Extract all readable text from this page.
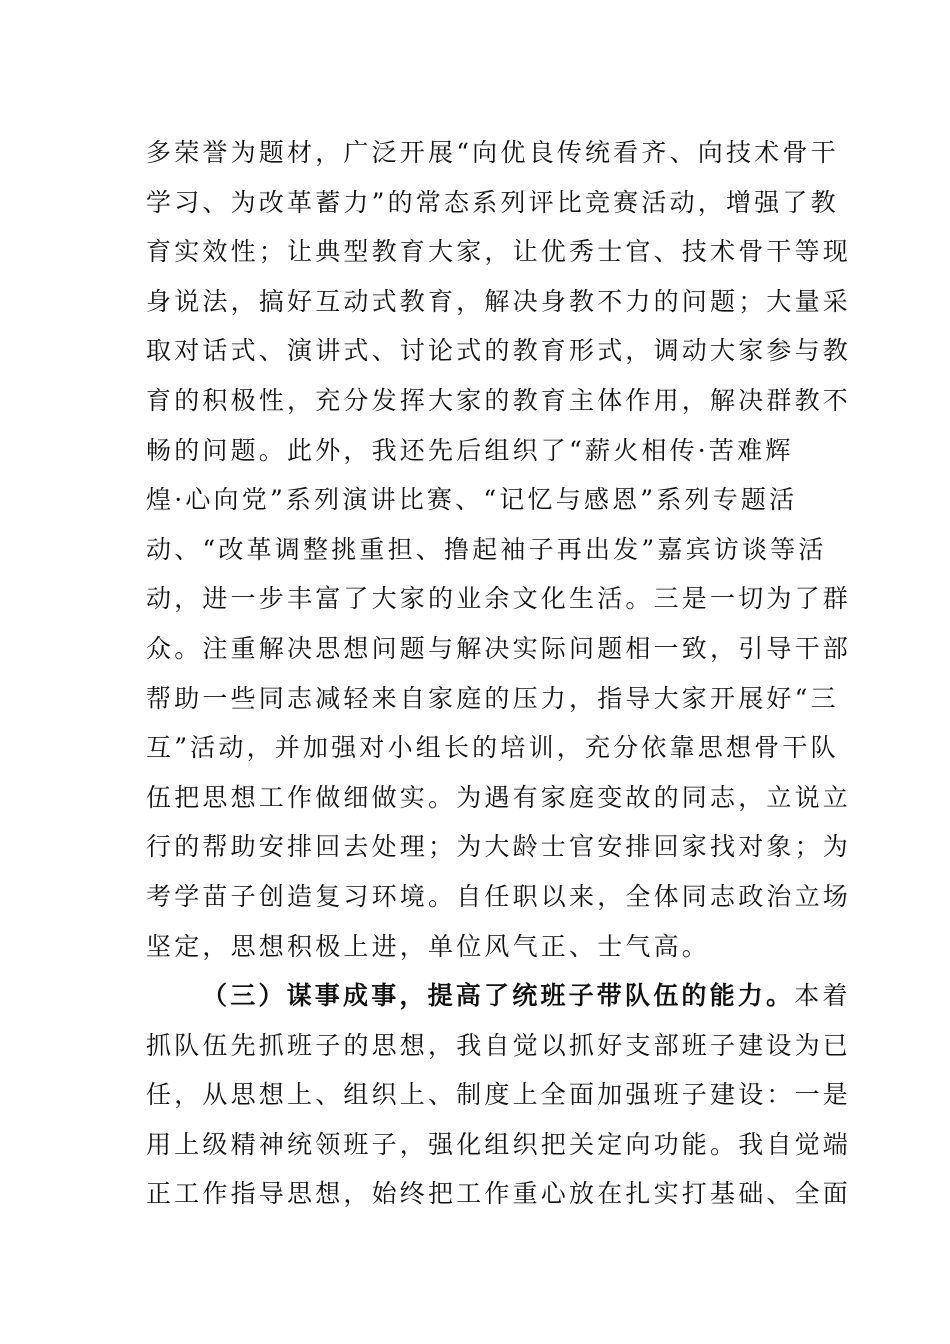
多荣誉为题材，广泛开展“向优良传统看齐、向技术骨干
学习、为改革蓄力”的常态系列评比竞赛活动，增强了教
育实效性；让典型教育大家，让优秀士官、技术骨干等现
身说法，搞好互动式教育，解决身教不力的问题；大量采
取对话式、演讲式、讨论式的教育形式，调动大家参与教
育的积极性，充分发挥大家的教育主体作用，解决群教不
畅的问题。此外，我还先后组织了“薪火相传·苦难辉
煌·心向党”系列演讲比赛、“记忆与感恩”系列专题活
动、“改革调整挑重担、撸起袖子再出发”嘉宾访谈等活
动，进一步丰富了大家的业余文化生活。三是一切为了群
众。注重解决思想问题与解决实际问题相一致，引导干部
帮助一些同志减轻来自家庭的压力，指导大家开展好“三
互”活动，并加强对小组长的培训，充分依靠思想骨干队
伍把思想工作做细做实。为遇有家庭变故的同志，立说立
行的帮助安排回去处理；为大龄士官安排回家找对象；为
考学苗子创造复习环境。自任职以来，全体同志政治立场
坚定，思想积极上进，单位风气正、士气高。
（三）谋事成事，提高了统班子带队伍的能力。本着
抓队伍先抓班子的思想，我自觉以抓好支部班子建设为已
任，从思想上、组织上、制度上全面加强班子建设：一是
用上级精神统领班子，强化组织把关定向功能。我自觉端
正工作指导思想，始终把工作重心放在扎实打基础、全面
